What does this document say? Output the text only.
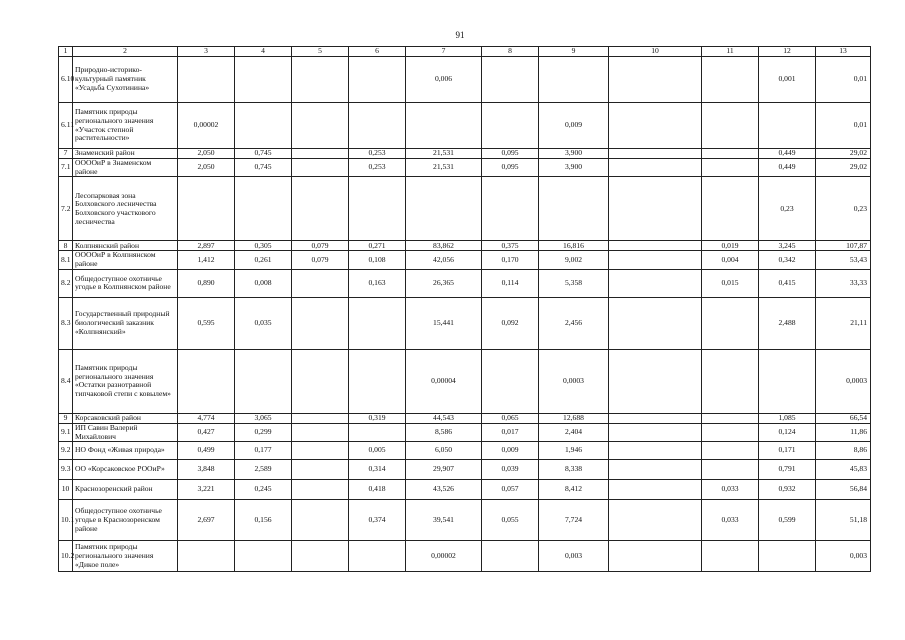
91
1	2	3	4	5	6	7	8	9	10	11	12	13
6.10	Природно-историко-культурный памятник «Усадьба Сухотинина»					0,006					0,001	0,01
6.11	Памятник природы регионального значения «Участок степной растительности»	0,00002						0,009				0,01
7	Знаменский район	2,050	0,745		0,253	21,531	0,095	3,900			0,449	29,02
7.1	ООООиР в Знаменском районе	2,050	0,745		0,253	21,531	0,095	3,900			0,449	29,02
7.2	Лесопарковая зона Болховского лесничества Болховского участкового лесничества										0,23	0,23
8	Колпнянский район	2,897	0,305	0,079	0,271	83,862	0,375	16,816		0,019	3,245	107,87
8.1	ООООиР в Колпнянском районе	1,412	0,261	0,079	0,108	42,056	0,170	9,002		0,004	0,342	53,43
8.2	Общедоступное охотничье угодье в Колпнянском районе	0,890	0,008		0,163	26,365	0,114	5,358		0,015	0,415	33,33
8.3	Государственный природный биологический заказник «Колпнянский»	0,595	0,035			15,441	0,092	2,456			2,488	21,11
8.4	Памятник природы регионального значения «Остатки разнотравной типчаковой степи с ковылем»					0,00004		0,0003				0,0003
9	Корсаковский район	4,774	3,065		0,319	44,543	0,065	12,688			1,085	66,54
9.1	ИП Савин Валерий Михайлович	0,427	0,299			8,586	0,017	2,404			0,124	11,86
9.2	НО Фонд «Живая природа»	0,499	0,177		0,005	6,050	0,009	1,946			0,171	8,86
9.3	ОО «Корсаковское РООиР»	3,848	2,589		0,314	29,907	0,039	8,338			0,791	45,83
10	Краснозоренский район	3,221	0,245		0,418	43,526	0,057	8,412		0,033	0,932	56,84
10.1	Общедоступное охотничье угодье в Краснозоренском районе	2,697	0,156		0,374	39,541	0,055	7,724		0,033	0,599	51,18
10.2	Памятник природы регионального значения «Дикое поле»					0,00002		0,003				0,003
